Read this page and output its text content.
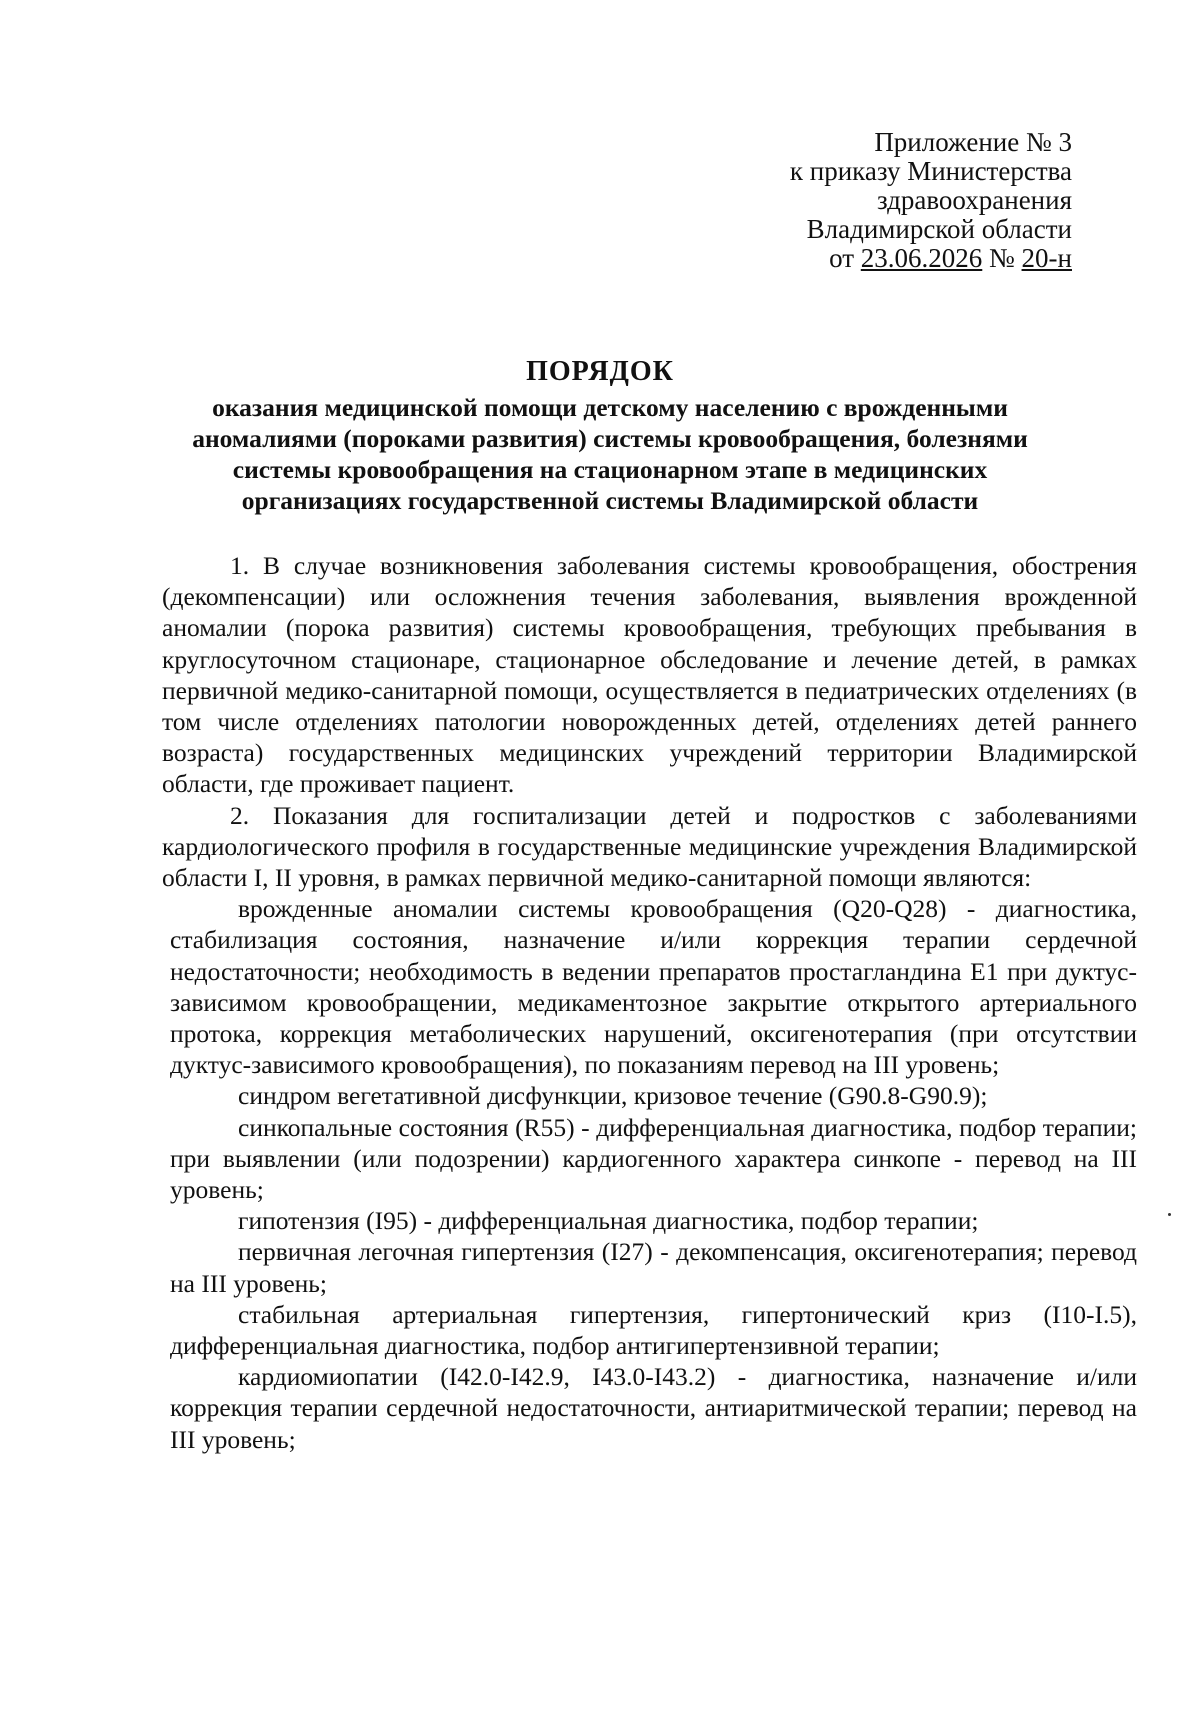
Приложение № 3
к приказу Министерства
здравоохранения
Владимирской области
от 23.06.2026 № 20-н
ПОРЯДОК
оказания медицинской помощи детскому населению с врожденными аномалиями (пороками развития) системы кровообращения, болезнями системы кровообращения на стационарном этапе в медицинских организациях государственной системы Владимирской области

1. В случае возникновения заболевания системы кровообращения, обострения (декомпенсации) или осложнения течения заболевания, выявления врожденной аномалии (порока развития) системы кровообращения, требующих пребывания в круглосуточном стационаре, стационарное обследование и лечение детей, в рамках первичной медико-санитарной помощи, осуществляется в педиатрических отделениях (в том числе отделениях патологии новорожденных детей, отделениях детей раннего возраста) государственных медицинских учреждений территории Владимирской области, где проживает пациент.

2. Показания для госпитализации детей и подростков с заболеваниями кардиологического профиля в государственные медицинские учреждения Владимирской области I, II уровня, в рамках первичной медико-санитарной помощи являются:

врожденные аномалии системы кровообращения (Q20-Q28) - диагностика, стабилизация состояния, назначение и/или коррекция терапии сердечной недостаточности; необходимость в ведении препаратов простагландина Е1 при дуктус-зависимом кровообращении, медикаментозное закрытие открытого артериального протока, коррекция метаболических нарушений, оксигенотерапия (при отсутствии дуктус-зависимого кровообращения), по показаниям перевод на III уровень;

синдром вегетативной дисфункции, кризовое течение (G90.8-G90.9);

синкопальные состояния (R55) - дифференциальная диагностика, подбор терапии; при выявлении (или подозрении) кардиогенного характера синкопе - перевод на III уровень;

гипотензия (I95) - дифференциальная диагностика, подбор терапии;

первичная легочная гипертензия (I27) - декомпенсация, оксигенотерапия; перевод на III уровень;

стабильная артериальная гипертензия, гипертонический криз (I10-I.5), дифференциальная диагностика, подбор антигипертензивной терапии;

кардиомиопатии (I42.0-I42.9, I43.0-I43.2) - диагностика, назначение и/или коррекция терапии сердечной недостаточности, антиаритмической терапии; перевод на III уровень;
